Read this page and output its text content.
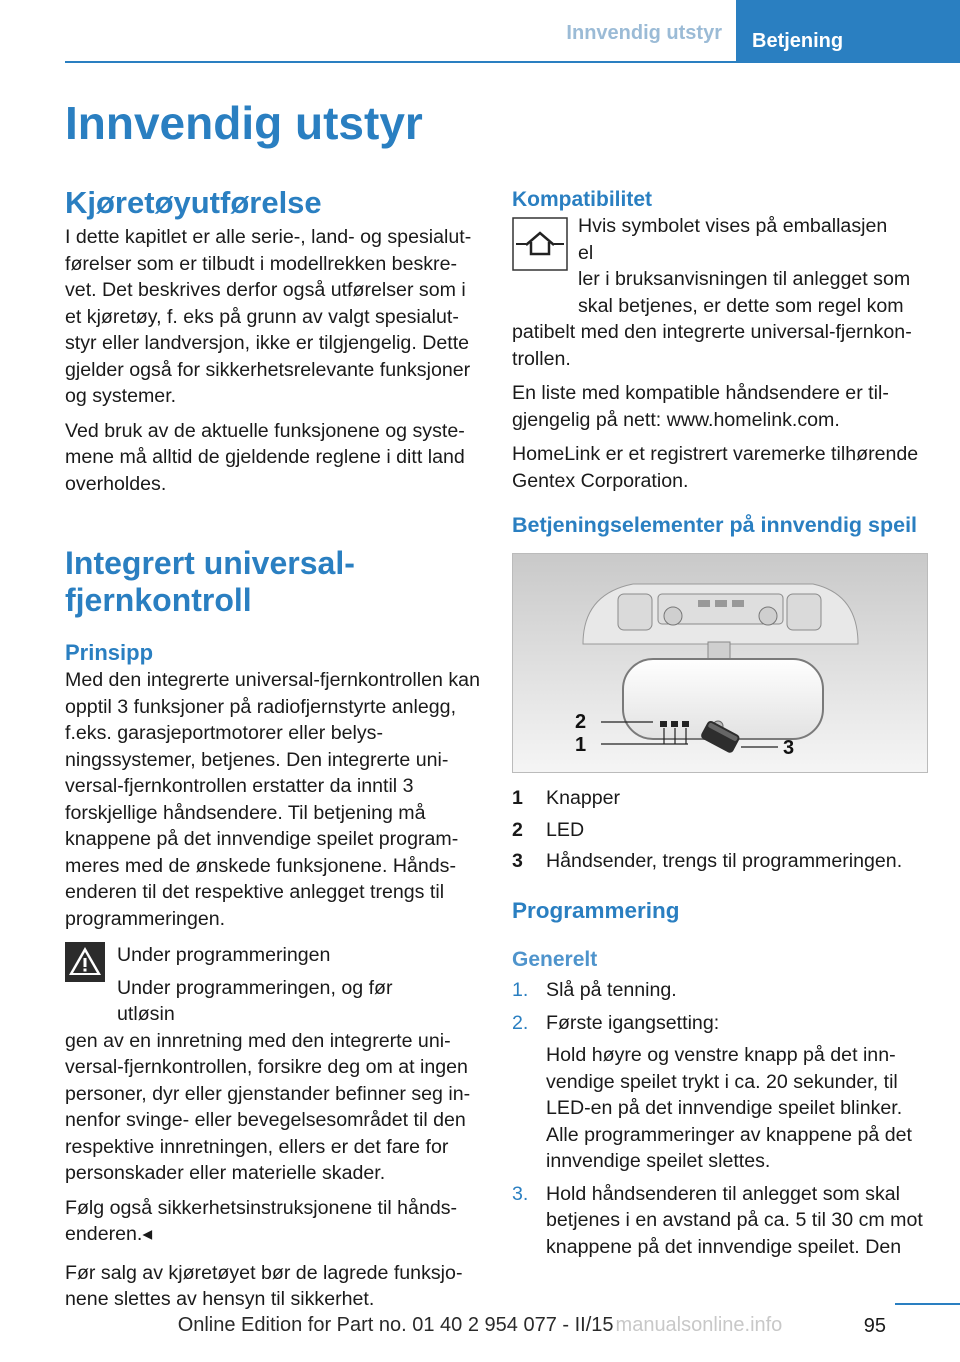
Innvendig utstyr	Betjening
Innvendig utstyr
Kjøretøyutførelse

I dette kapitlet er alle serie-, land- og spesialutførelser som er tilbudt i modellrekken beskrevet. Det beskrives derfor også utførelser som i et kjøretøy, f. eks på grunn av valgt spesialutstyr eller landversjon, ikke er tilgjengelig. Dette gjelder også for sikkerhetsrelevante funksjoner og systemer.

Ved bruk av de aktuelle funksjonene og systemene må alltid de gjeldende reglene i ditt land overholdes.

Integrert universal-
fjernkontroll
Prinsipp

Med den integrerte universal-fjernkontrollen kan opptil 3 funksjoner på radiofjernstyrte anlegg, f.eks. garasjeportmotorer eller belysningssystemer, betjenes. Den integrerte universal-fjernkontrollen erstatter da inntil 3 forskjellige håndsendere. Til betjening må knappene på det innvendige speilet programmeres med de ønskede funksjonene. Håndsenderen til det respektive anlegget trengs til programmeringen.

Under programmeringen
Under programmeringen, og før utløsin

gen av en innretning med den integrerte universal-fjernkontrollen, forsikre deg om at ingen personer, dyr eller gjenstander befinner seg innenfor svinge- eller bevegelsesområdet til den respektive innretningen, ellers er det fare for personskader eller materielle skader.

Følg også sikkerhetsinstruksjonene til håndsenderen.◂

Før salg av kjøretøyet bør de lagrede funksjonene slettes av hensyn til sikkerhet.

Kompatibilitet
Hvis symbolet vises på emballasjen el
ler i bruksanvisningen til anlegget som
skal betjenes, er dette som regel kom

patibelt med den integrerte universal-fjernkontrollen.

En liste med kompatible håndsendere er tilgjengelig på nett: www.homelink.com.

HomeLink er et registrert varemerke tilhørende Gentex Corporation.

Betjeningselementer på innvendig speil
2
1	3
1	Knapper
2	LED
3	Håndsender, trengs til programmeringen.
Programmering
Generelt
1. Slå på tenning.
2. Første igangsetting:
Hold høyre og venstre knapp på det innvendige speilet trykt i ca. 20 sekunder, til LED-en på det innvendige speilet blinker. Alle programmeringer av knappene på det innvendige speilet slettes.
3. Hold håndsenderen til anlegget som skal betjenes i en avstand på ca. 5 til 30 cm mot knappene på det innvendige speilet. Den
95
Online Edition for Part no. 01 40 2 954 077 - II/15 manualsonline.info
